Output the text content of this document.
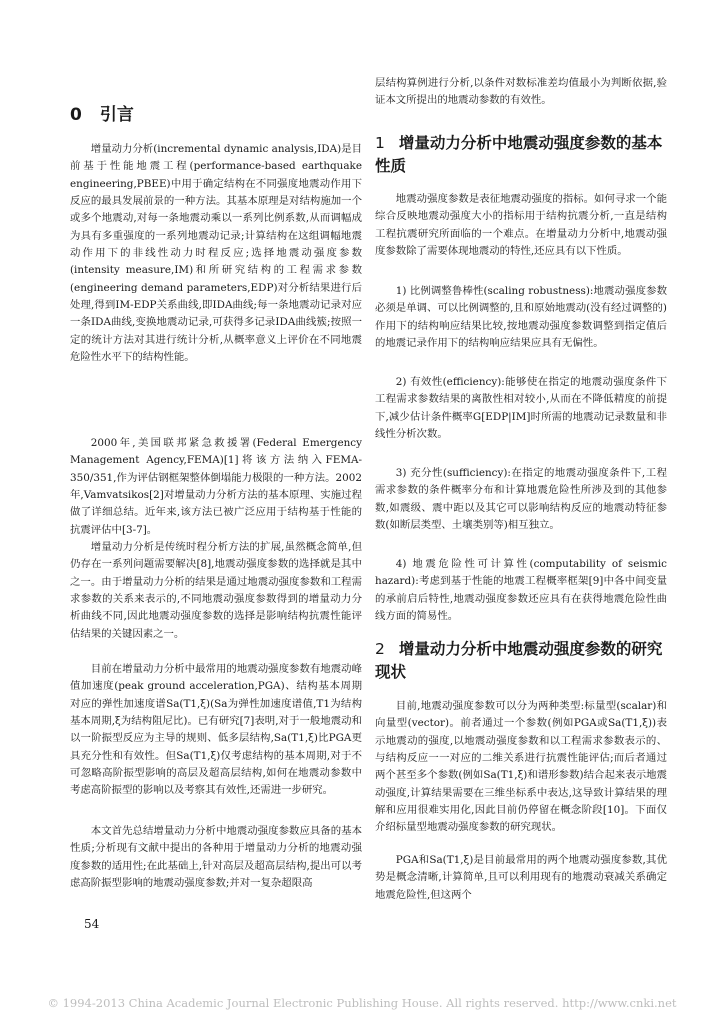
0 引言

增量动力分析(incremental dynamic analysis,IDA)是目前基于性能地震工程(performance-based earthquake engineering,PBEE)中用于确定结构在不同强度地震动作用下反应的最具发展前景的一种方法。其基本原理是对结构施加一个或多个地震动,对每一条地震动乘以一系列比例系数,从而调幅成为具有多重强度的一系列地震动记录;计算结构在这组调幅地震动作用下的非线性动力时程反应;选择地震动强度参数(intensity measure,IM)和所研究结构的工程需求参数(engineering demand parameters,EDP)对分析结果进行后处理,得到IM-EDP关系曲线,即IDA曲线;每一条地震动记录对应一条IDA曲线,变换地震动记录,可获得多记录IDA曲线簇;按照一定的统计方法对其进行统计分析,从概率意义上评价在不同地震危险性水平下的结构性能。

2000年,美国联邦紧急救援署(Federal Emergency Management Agency,FEMA)[1]将该方法纳入FEMA-350/351,作为评估钢框架整体倒塌能力极限的一种方法。2002年,Vamvatsikos[2]对增量动力分析方法的基本原理、实施过程做了详细总结。近年来,该方法已被广泛应用于结构基于性能的抗震评估中[3-7]。

增量动力分析是传统时程分析方法的扩展,虽然概念简单,但仍存在一系列问题需要解决[8],地震动强度参数的选择就是其中之一。由于增量动力分析的结果是通过地震动强度参数和工程需求参数的关系来表示的,不同地震动强度参数得到的增量动力分析曲线不同,因此地震动强度参数的选择是影响结构抗震性能评估结果的关键因素之一。

目前在增量动力分析中最常用的地震动强度参数有地震动峰值加速度(peak ground acceleration,PGA)、结构基本周期对应的弹性加速度谱Sa(T1,ξ)(Sa为弹性加速度谱值,T1为结构基本周期,ξ为结构阻尼比)。已有研究[7]表明,对于一般地震动和以一阶振型反应为主导的规则、低多层结构,Sa(T1,ξ)比PGA更具充分性和有效性。但Sa(T1,ξ)仅考虑结构的基本周期,对于不可忽略高阶振型影响的高层及超高层结构,如何在地震动参数中考虑高阶振型的影响以及考察其有效性,还需进一步研究。

本文首先总结增量动力分析中地震动强度参数应具备的基本性质;分析现有文献中提出的各种用于增量动力分析的地震动强度参数的适用性;在此基础上,针对高层及超高层结构,提出可以考虑高阶振型影响的地震动强度参数;并对一复杂超限高

层结构算例进行分析,以条件对数标准差均值最小为判断依据,验证本文所提出的地震动参数的有效性。

1 增量动力分析中地震动强度参数的基本性质

地震动强度参数是表征地震动强度的指标。如何寻求一个能综合反映地震动强度大小的指标用于结构抗震分析,一直是结构工程抗震研究所面临的一个难点。在增量动力分析中,地震动强度参数除了需要体现地震动的特性,还应具有以下性质。

1) 比例调整鲁棒性(scaling robustness):地震动强度参数必须是单调、可以比例调整的,且和原始地震动(没有经过调整的)作用下的结构响应结果比较,按地震动强度参数调整到指定值后的地震记录作用下的结构响应结果应具有无偏性。

2) 有效性(efficiency):能够使在指定的地震动强度条件下工程需求参数结果的离散性相对较小,从而在不降低精度的前提下,减少估计条件概率G[EDP|IM]时所需的地震动记录数量和非线性分析次数。

3) 充分性(sufficiency):在指定的地震动强度条件下,工程需求参数的条件概率分布和计算地震危险性所涉及到的其他参数,如震级、震中距以及其它可以影响结构反应的地震动特征参数(如断层类型、土壤类别等)相互独立。

4) 地震危险性可计算性(computability of seismic hazard):考虑到基于性能的地震工程概率框架[9]中各中间变量的承前启后特性,地震动强度参数还应具有在获得地震危险性曲线方面的简易性。

2 增量动力分析中地震动强度参数的研究现状

目前,地震动强度参数可以分为两种类型:标量型(scalar)和向量型(vector)。前者通过一个参数(例如PGA或Sa(T1,ξ))表示地震动的强度,以地震动强度参数和以工程需求参数表示的、与结构反应一一对应的二维关系进行抗震性能评估;而后者通过两个甚至多个参数(例如Sa(T1,ξ)和谱形参数)结合起来表示地震动强度,计算结果需要在三维坐标系中表达,这导致计算结果的理解和应用很难实用化,因此目前仍停留在概念阶段[10]。下面仅介绍标量型地震动强度参数的研究现状。

PGA和Sa(T1,ξ)是目前最常用的两个地震动强度参数,其优势是概念清晰,计算简单,且可以利用现有的地震动衰减关系确定地震危险性,但这两个

54
© 1994-2013 China Academic Journal Electronic Publishing House. All rights reserved. http://www.cnki.net
